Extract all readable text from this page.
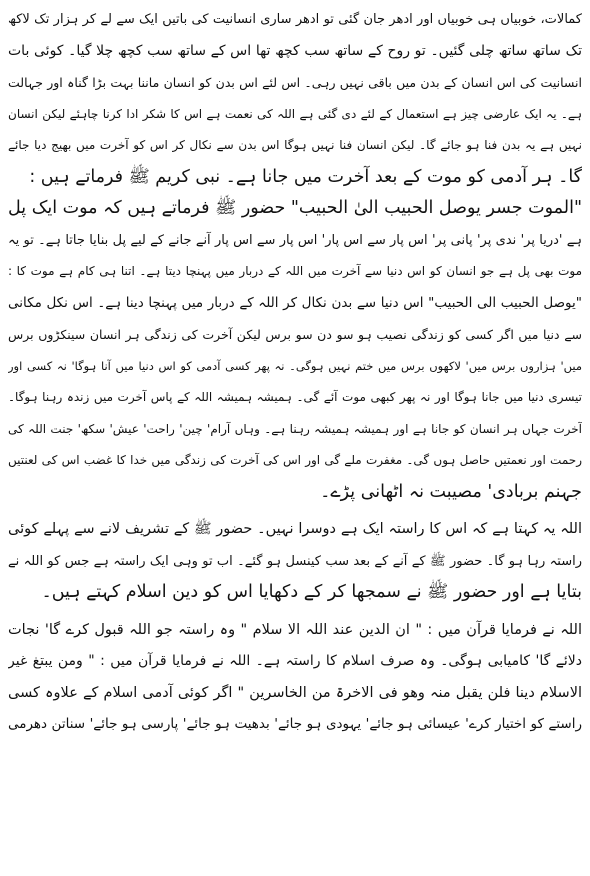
کمالات، خوبیاں ہی خوبیاں اور ادھر جان گئی تو ادھر ساری انسانیت کی باتیں ایک سے لے کر ہزار تک لاکھ
تک ساتھ ساتھ چلی گئیں۔ تو روح کے ساتھ سب کچھ تھا اس کے ساتھ سب کچھ چلا گیا۔ کوئی بات
انسانیت کی اس انسان کے بدن میں باقی نہیں رہی۔ اس لئے اس بدن کو انسان ماننا بہت بڑا گناہ اور جہالت
ہے۔ یہ ایک عارضی چیز ہے استعمال کے لئے دی گئی ہے اللہ کی نعمت ہے اس کا شکر ادا کرنا چاہئے لیکن انسان
نہیں ہے یہ بدن فنا ہو جائے گا۔ لیکن انسان فنا نہیں ہوگا اس بدن سے نکال کر اس کو آخرت میں بھیج دیا جائے
گا۔ ہر آدمی کو موت کے بعد آخرت میں جانا ہے۔ نبی کریم ﷺ فرماتے ہیں :
"الموت جسر یوصل الحبیب الیٰ الحبیب" حضور ﷺ فرماتے ہیں کہ موت ایک پل
ہے 'دریا پر' ندی پر' پانی پر' اس پار سے اس پار' اس پار سے اس پار آنے جانے کے لیے پل بنایا جاتا ہے۔ تو یہ
موت بھی پل ہے جو انسان کو اس دنیا سے آخرت میں اللہ کے دربار میں پہنچا دیتا ہے۔ اتنا ہی کام ہے موت کا :
"یوصل الحبیب الی الحبیب" اس دنیا سے بدن نکال کر اللہ کے دربار میں پہنچا دینا ہے۔ اس نکل مکانی
سے دنیا میں اگر کسی کو زندگی نصیب ہو سو دن سو برس لیکن آخرت کی زندگی ہر انسان سینکڑوں برس
میں' ہزاروں برس میں' لاکھوں برس میں ختم نہیں ہوگی۔ نہ پھر کسی آدمی کو اس دنیا میں آنا ہوگا' نہ کسی اور
تیسری دنیا میں جانا ہوگا اور نہ پھر کبھی موت آئے گی۔ ہمیشہ ہمیشہ اللہ کے پاس آخرت میں زندہ رہنا ہوگا۔
آخرت جہاں ہر انسان کو جانا ہے اور ہمیشہ ہمیشہ رہنا ہے۔ وہاں آرام' چین' راحت' عیش' سکھ' جنت اللہ کی
رحمت اور نعمتیں حاصل ہوں گی۔ مغفرت ملے گی اور اس کی آخرت کی زندگی میں خدا کا غضب اس کی لعنتیں
جہنم بربادی' مصیبت نہ اٹھانی پڑے۔
اللہ یہ کہتا ہے کہ اس کا راستہ ایک ہے دوسرا نہیں۔ حضور ﷺ کے تشریف لانے سے پہلے کوئی
راستہ رہا ہو گا۔ حضور ﷺ کے آنے کے بعد سب کینسل ہو گئے۔ اب تو وہی ایک راستہ ہے جس کو اللہ نے
بتایا ہے اور حضور ﷺ نے سمجھا کر کے دکھایا اس کو دین اسلام کہتے ہیں۔
اللہ نے فرمایا قرآن میں : " ان الدین عند اللہ الا سلام " وہ راستہ جو اللہ قبول کرے گا' نجات
دلائے گا' کامیابی ہوگی۔ وہ صرف اسلام کا راستہ ہے۔ اللہ نے فرمایا قرآن میں : " ومن یبتغ غیر
الاسلام دینا فلن یقبل منہ وھو فی الاخرۃ من الخاسرین " اگر کوئی آدمی اسلام کے علاوہ کسی
راستے کو اختیار کرے' عیسائی ہو جائے' یہودی ہو جائے' بدھیت ہو جائے' پارسی ہو جائے' سناتن دھرمی
